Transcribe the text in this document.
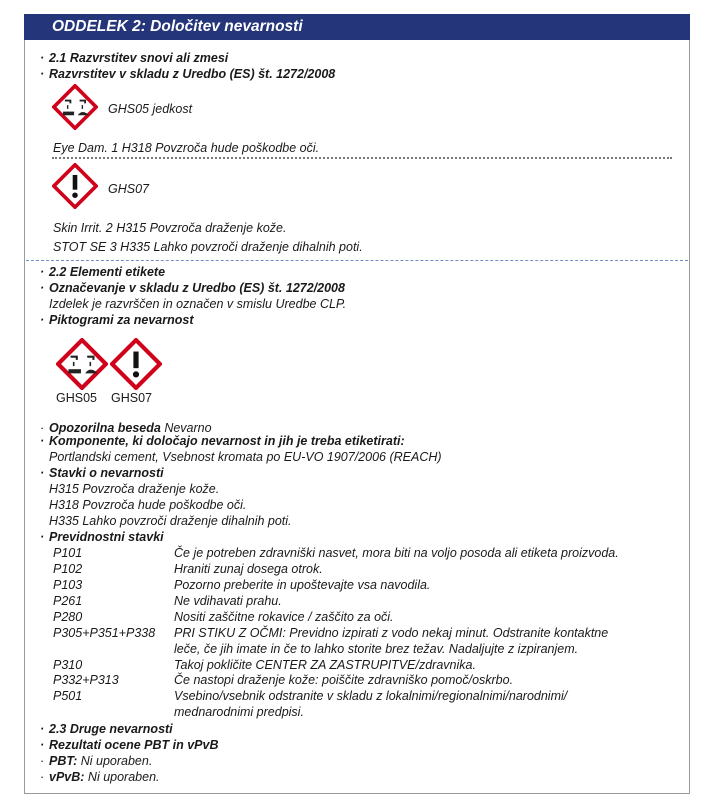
ODDELEK 2: Določitev nevarnosti
· 2.1 Razvrstitev snovi ali zmesi
· Razvrstitev v skladu z Uredbo (ES) št. 1272/2008
GHS05 jedkost
Eye Dam. 1 H318 Povzroča hude poškodbe oči.
GHS07
Skin Irrit. 2 H315 Povzroča draženje kože.
STOT SE 3 H335 Lahko povzroči draženje dihalnih poti.
· 2.2 Elementi etikete
· Označevanje v skladu z Uredbo (ES) št. 1272/2008
Izdelek je razvrščen in označen v smislu Uredbe CLP.
· Piktogrami za nevarnost
GHS05 GHS07
· Opozorilna beseda Nevarno
· Komponente, ki določajo nevarnost in jih je treba etiketirati:
Portlandski cement, Vsebnost kromata po EU-VO 1907/2006 (REACH)
· Stavki o nevarnosti
H315 Povzroča draženje kože.
H318 Povzroča hude poškodbe oči.
H335 Lahko povzroči draženje dihalnih poti.
· Previdnostni stavki
P101	Če je potreben zdravniški nasvet, mora biti na voljo posoda ali etiketa proizvoda.
P102	Hraniti zunaj dosega otrok.
P103	Pozorno preberite in upoštevajte vsa navodila.
P261	Ne vdihavati prahu.
P280	Nositi zaščitne rokavice / zaščito za oči.
P305+P351+P338 PRI STIKU Z OČMI: Previdno izpirati z vodo nekaj minut. Odstranite kontaktne
leče, če jih imate in če to lahko storite brez težav. Nadaljujte z izpiranjem.
P310	Takoj pokličite CENTER ZA ZASTRUPITVE/zdravnika.
P332+P313	Če nastopi draženje kože: poiščite zdravniško pomoč/oskrbo.
P501	Vsebino/vsebnik odstranite v skladu z lokalnimi/regionalnimi/narodnimi/
mednarodnimi predpisi.
· 2.3 Druge nevarnosti
· Rezultati ocene PBT in vPvB
· PBT: Ni uporaben.
· vPvB: Ni uporaben.
